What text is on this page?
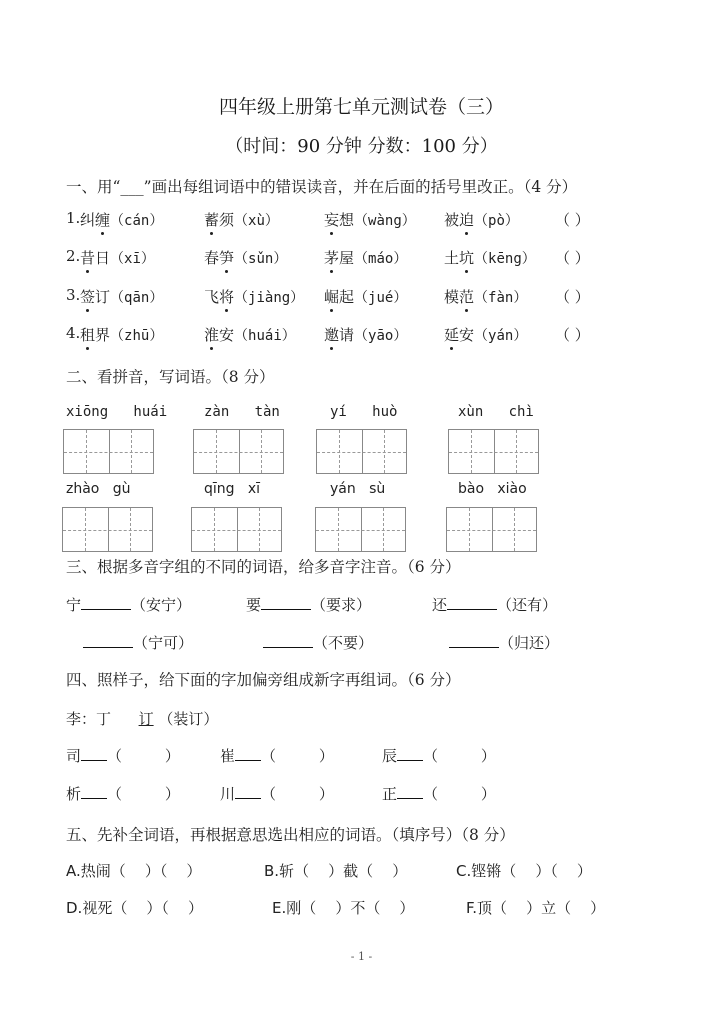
四年级上册第七单元测试卷（三）
（时间：90 分钟 分数：100 分）
一、用“___”画出每组词语中的错误读音，并在后面的括号里改正。（4 分）
1. 纠缠（cán）	蓄须（xù）	妄想（wàng） 被迫（pò） （ ）
2. 昔日（xī）	春笋（sǔn） 茅屋（máo） 土坑（kēng） （ ）
3. 签订（qān）	飞将（jiàng） 崛起（jué） 模范（fàn） （ ）
4. 租界（zhū）	淮安（huái） 邀请（yāo） 延安（yán） （ ）
二、看拼音，写词语。（8 分）
xiōng   huái	zàn   tàn	yí   huò	xùn   chì
zhào   gù	qīng   xī	yán   sù	bào   xiào
三、根据多音字组的不同的词语，给多音字注音。（6 分）
宁	（安宁）	要	（要求）	还	（还有）
（宁可）	（不要）	（归还）
四、照样子，给下面的字加偏旁组成新字再组词。（6 分）
李：丁 订 （装订）
司 （         ）	崔 （         ）	辰 （         ）
析 （         ）	川 （         ）	正 （         ）
五、先补全词语，再根据意思选出相应的词语。（填序号）（8 分）
A.热闹（    ）（    ）	B.斩（    ）截（    ）	C.铿锵（    ）（    ）
D.视死（    ）（    ）	E.刚（    ）不（    ）	F.顶（    ）立（    ）
- 1 -
